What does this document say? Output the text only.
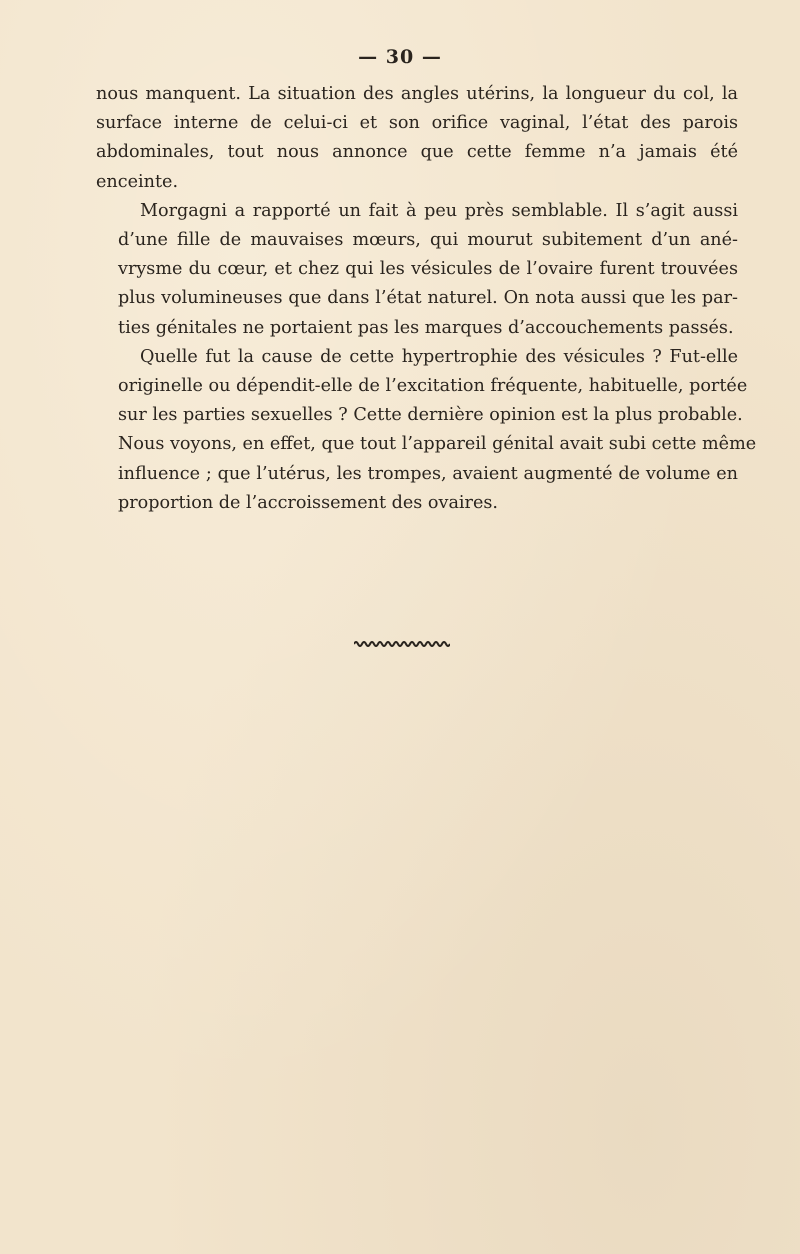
— 30 —

nous manquent. La situation des angles utérins, la longueur du col, la
surface interne de celui-ci et son orifice vaginal, l’état des parois
abdominales, tout nous annonce que cette femme n’a jamais été
enceinte.

Morgagni a rapporté un fait à peu près semblable. Il s’agit aussi
d’une fille de mauvaises mœurs, qui mourut subitement d’un ané-
vrysme du cœur, et chez qui les vésicules de l’ovaire furent trouvées
plus volumineuses que dans l’état naturel. On nota aussi que les par-
ties génitales ne portaient pas les marques d’accouchements passés.

Quelle fut la cause de cette hypertrophie des vésicules ? Fut-elle
originelle ou dépendit-elle de l’excitation fréquente, habituelle, portée
sur les parties sexuelles ? Cette dernière opinion est la plus probable.
Nous voyons, en effet, que tout l’appareil génital avait subi cette même
influence ; que l’utérus, les trompes, avaient augmenté de volume en
proportion de l’accroissement des ovaires.
